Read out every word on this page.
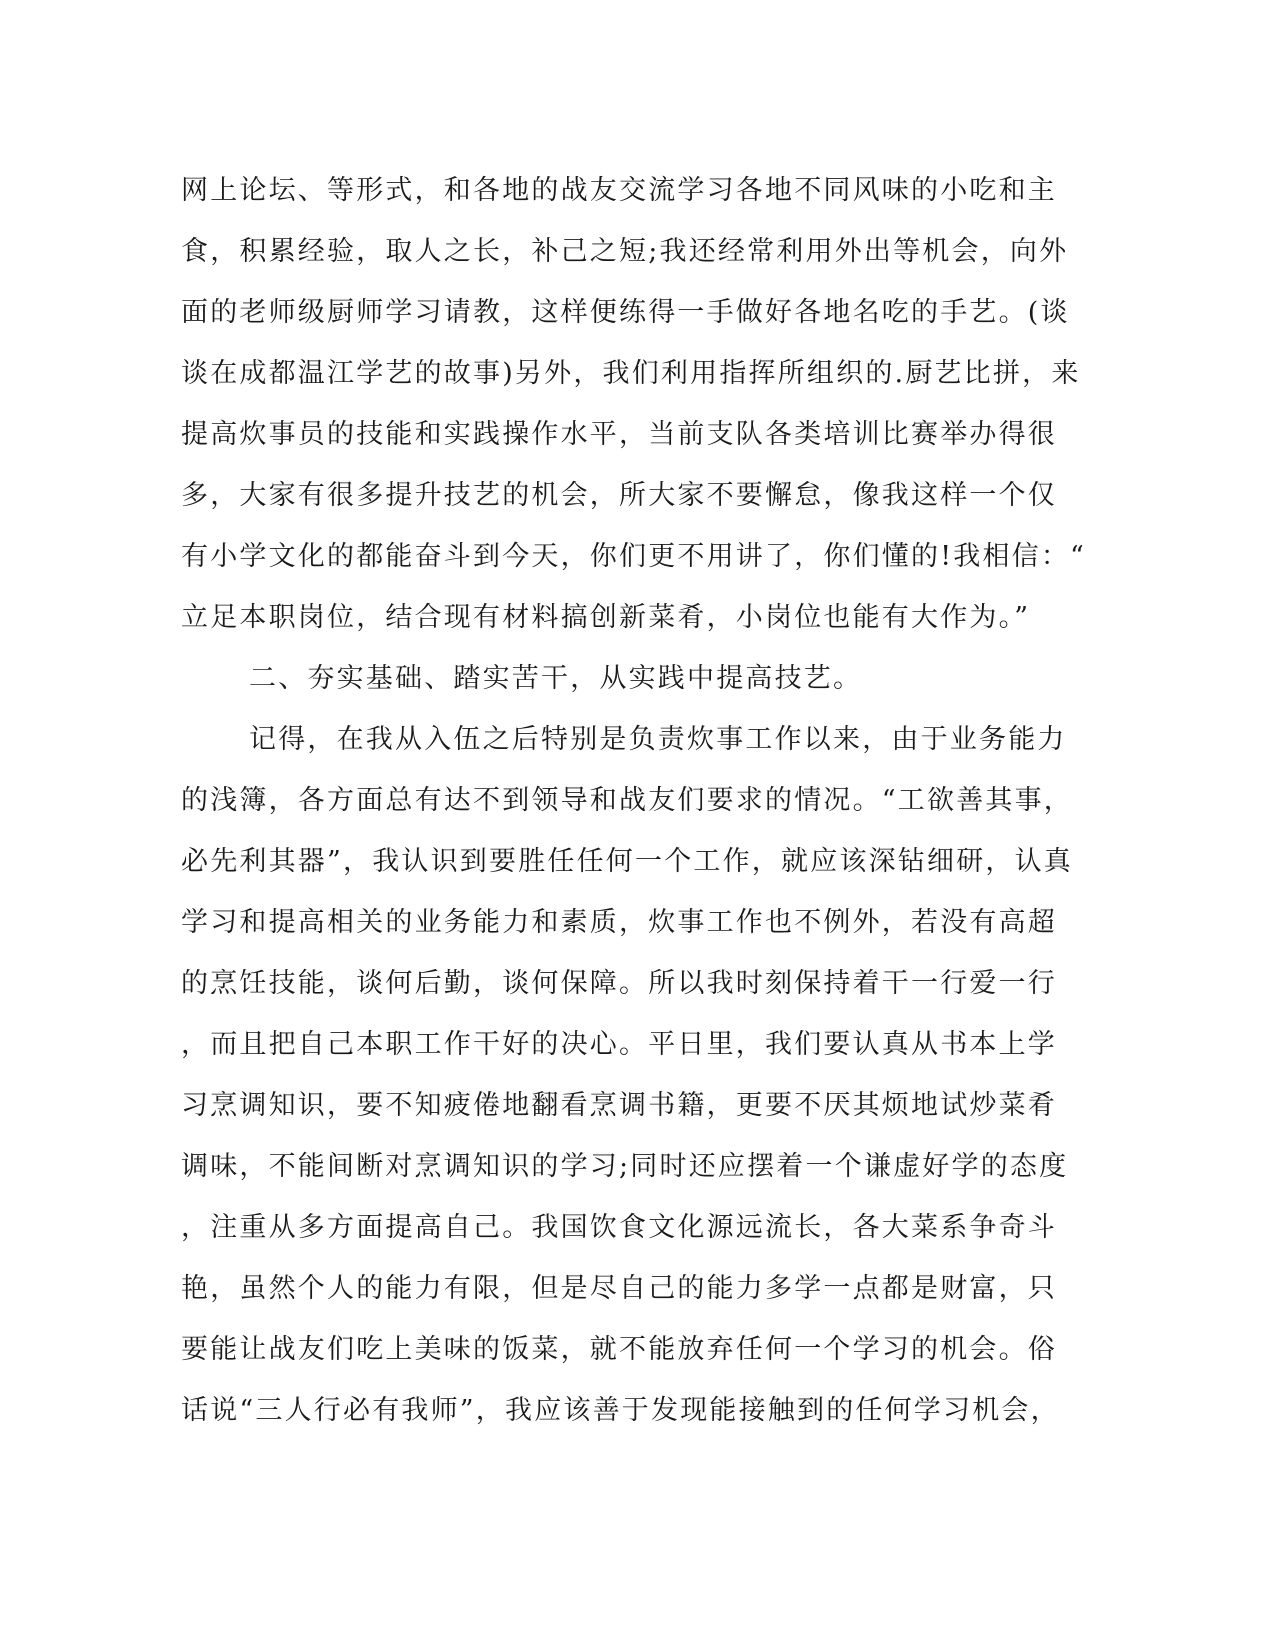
网上论坛、等形式，和各地的战友交流学习各地不同风味的小吃和主
食，积累经验，取人之长，补己之短;我还经常利用外出等机会，向外
面的老师级厨师学习请教，这样便练得一手做好各地名吃的手艺。(谈
谈在成都温江学艺的故事)另外，我们利用指挥所组织的.厨艺比拼，来
提高炊事员的技能和实践操作水平，当前支队各类培训比赛举办得很
多，大家有很多提升技艺的机会，所大家不要懈怠，像我这样一个仅
有小学文化的都能奋斗到今天，你们更不用讲了，你们懂的!我相信：“
立足本职岗位，结合现有材料搞创新菜肴，小岗位也能有大作为。”
二、夯实基础、踏实苦干，从实践中提高技艺。
记得，在我从入伍之后特别是负责炊事工作以来，由于业务能力
的浅簿，各方面总有达不到领导和战友们要求的情况。“工欲善其事，
必先利其器”，我认识到要胜任任何一个工作，就应该深钻细研，认真
学习和提高相关的业务能力和素质，炊事工作也不例外，若没有高超
的烹饪技能，谈何后勤，谈何保障。所以我时刻保持着干一行爱一行
，而且把自己本职工作干好的决心。平日里，我们要认真从书本上学
习烹调知识，要不知疲倦地翻看烹调书籍，更要不厌其烦地试炒菜肴
调味，不能间断对烹调知识的学习;同时还应摆着一个谦虚好学的态度
，注重从多方面提高自己。我国饮食文化源远流长，各大菜系争奇斗
艳，虽然个人的能力有限，但是尽自己的能力多学一点都是财富，只
要能让战友们吃上美味的饭菜，就不能放弃任何一个学习的机会。俗
话说“三人行必有我师”，我应该善于发现能接触到的任何学习机会，
